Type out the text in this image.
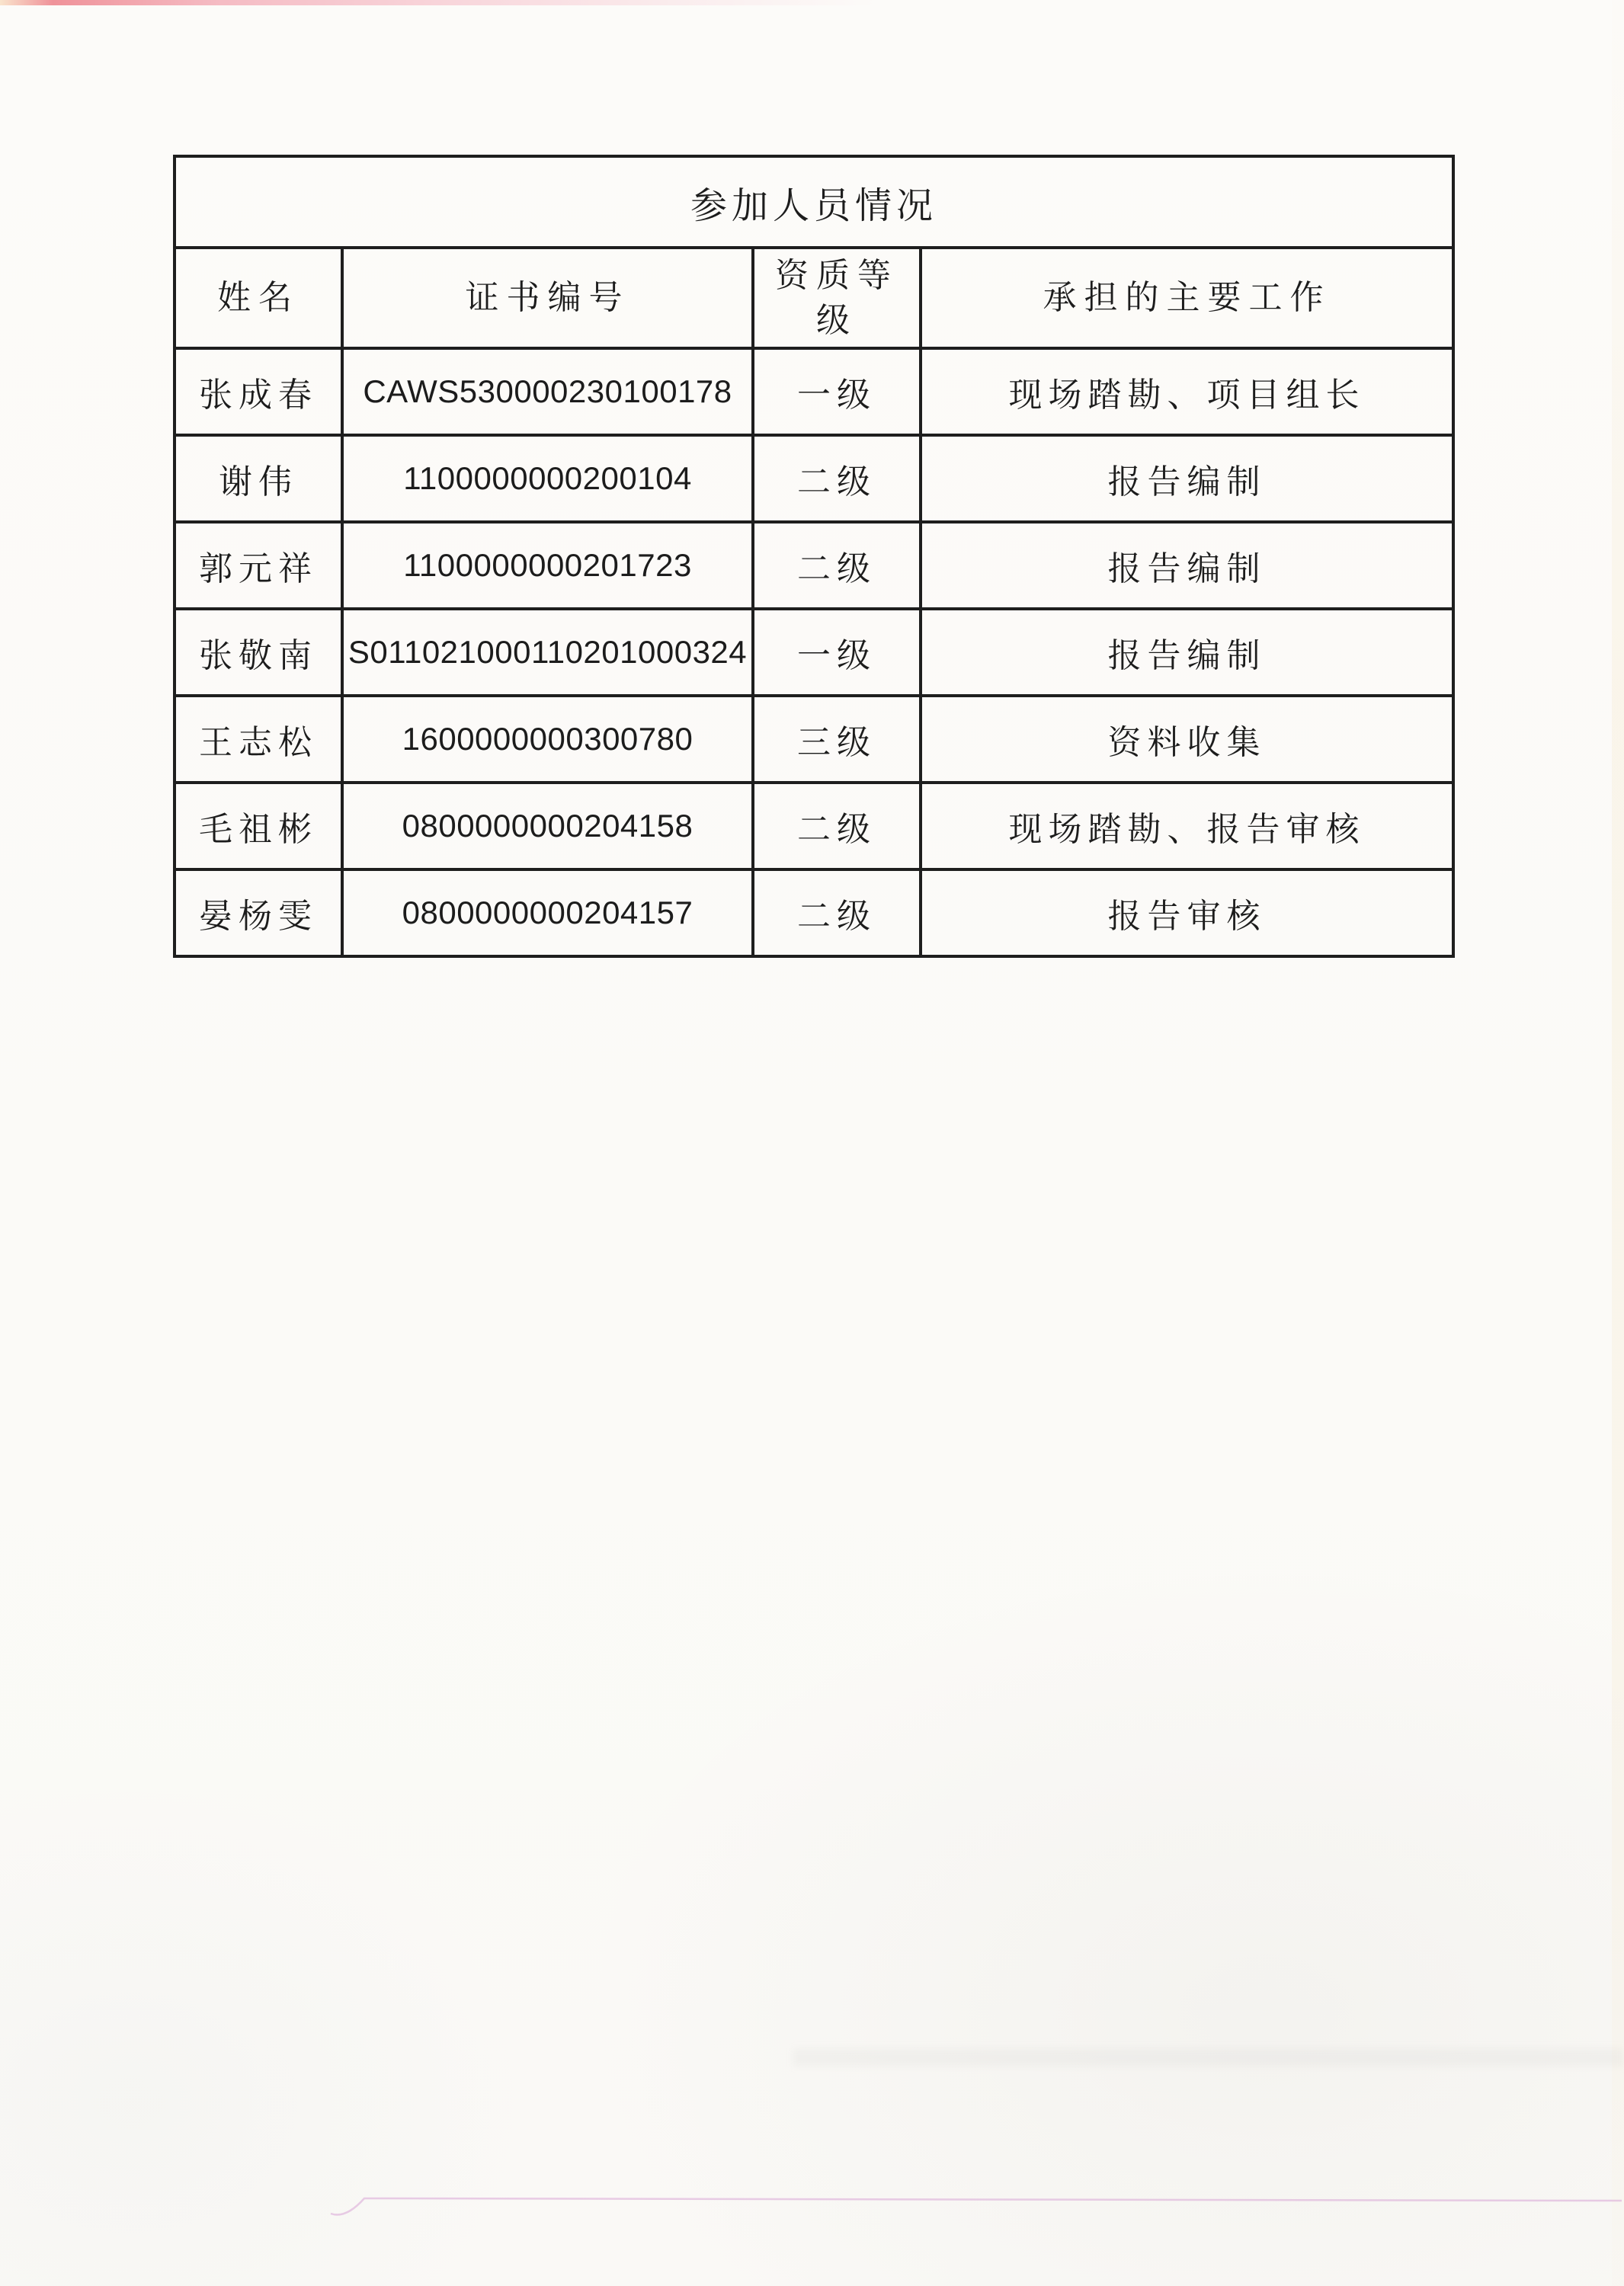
参加人员情况			
姓名	证书编号	资质等级	承担的主要工作
张成春	CAWS530000230100178	一级	现场踏勘、项目组长
谢伟	1100000000200104	二级	报告编制
郭元祥	1100000000201723	二级	报告编制
张敬南	S011021000110201000324	一级	报告编制
王志松	1600000000300780	三级	资料收集
毛祖彬	0800000000204158	二级	现场踏勘、报告审核
晏杨雯	0800000000204157	二级	报告审核
